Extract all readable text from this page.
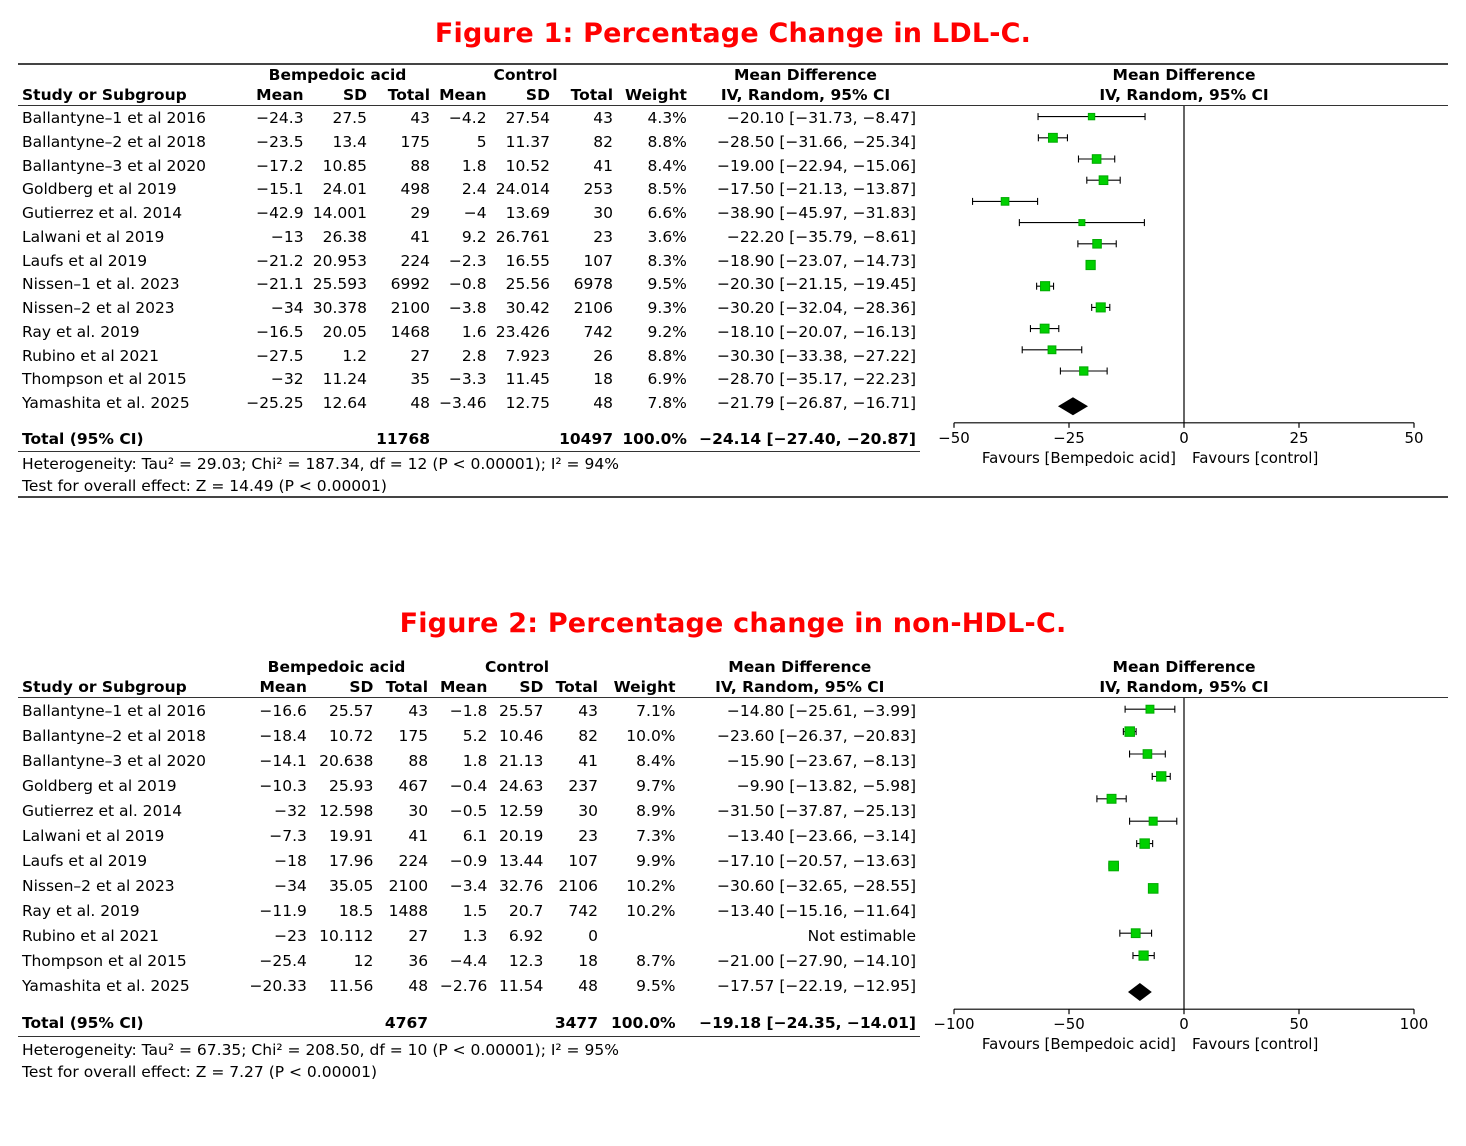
Figure 1: Percentage Change in LDL-C.
	Bempedoic acid			Control				Mean Difference	Mean Difference
Study or Subgroup	Mean	SD	Total	Mean	SD	Total	Weight	IV, Random, 95% CI	IV, Random, 95% CI
Ballantyne–1 et al 2016	−24.3	27.5	43	−4.2	27.54	43	4.3%	−20.10 [−31.73, −8.47]	
−50	−25	0	25	50
Favours [Bempedoic acid] Favours [control]

Ballantyne–2 et al 2018	−23.5	13.4	175	5	11.37	82	8.8%	−28.50 [−31.66, −25.34]	
Ballantyne–3 et al 2020	−17.2	10.85	88	1.8	10.52	41	8.4%	−19.00 [−22.94, −15.06]	
Goldberg et al 2019	−15.1	24.01	498	2.4	24.014	253	8.5%	−17.50 [−21.13, −13.87]	
Gutierrez et al. 2014	−42.9	14.001	29	−4	13.69	30	6.6%	−38.90 [−45.97, −31.83]	
Lalwani et al 2019	−13	26.38	41	9.2	26.761	23	3.6%	−22.20 [−35.79, −8.61]	
Laufs et al 2019	−21.2	20.953	224	−2.3	16.55	107	8.3%	−18.90 [−23.07, −14.73]	
Nissen–1 et al. 2023	−21.1	25.593	6992	−0.8	25.56	6978	9.5%	−20.30 [−21.15, −19.45]	
Nissen–2 et al 2023	−34	30.378	2100	−3.8	30.42	2106	9.3%	−30.20 [−32.04, −28.36]	
Ray et al. 2019	−16.5	20.05	1468	1.6	23.426	742	9.2%	−18.10 [−20.07, −16.13]	
Rubino et al 2021	−27.5	1.2	27	2.8	7.923	26	8.8%	−30.30 [−33.38, −27.22]	
Thompson et al 2015	−32	11.24	35	−3.3	11.45	18	6.9%	−28.70 [−35.17, −22.23]	
Yamashita et al. 2025	−25.25	12.64	48	−3.46	12.75	48	7.8%	−21.79 [−26.87, −16.71]	

Total (95% CI)			11768			10497	100.0%	−24.14 [−27.40, −20.87]	
Heterogeneity: Tau² = 29.03; Chi² = 187.34, df = 12 (P < 0.00001); I² = 94%									
Test for overall effect: Z = 14.49 (P < 0.00001)									
Figure 2: Percentage change in non-HDL-C.
	Bempedoic acid			Control				Mean Difference	Mean Difference
Study or Subgroup	Mean	SD	Total	Mean	SD	Total	Weight	IV, Random, 95% CI	IV, Random, 95% CI
Ballantyne–1 et al 2016	−16.6	25.57	43	−1.8	25.57	43	7.1%	−14.80 [−25.61, −3.99]	
−100	−50	0	50	100
Favours [Bempedoic acid] Favours [control]

Ballantyne–2 et al 2018	−18.4	10.72	175	5.2	10.46	82	10.0%	−23.60 [−26.37, −20.83]	
Ballantyne–3 et al 2020	−14.1	20.638	88	1.8	21.13	41	8.4%	−15.90 [−23.67, −8.13]	
Goldberg et al 2019	−10.3	25.93	467	−0.4	24.63	237	9.7%	−9.90 [−13.82, −5.98]	
Gutierrez et al. 2014	−32	12.598	30	−0.5	12.59	30	8.9%	−31.50 [−37.87, −25.13]	
Lalwani et al 2019	−7.3	19.91	41	6.1	20.19	23	7.3%	−13.40 [−23.66, −3.14]	
Laufs et al 2019	−18	17.96	224	−0.9	13.44	107	9.9%	−17.10 [−20.57, −13.63]	
Nissen–2 et al 2023	−34	35.05	2100	−3.4	32.76	2106	10.2%	−30.60 [−32.65, −28.55]	
Ray et al. 2019	−11.9	18.5	1488	1.5	20.7	742	10.2%	−13.40 [−15.16, −11.64]	
Rubino et al 2021	−23	10.112	27	1.3	6.92	0		Not estimable	
Thompson et al 2015	−25.4	12	36	−4.4	12.3	18	8.7%	−21.00 [−27.90, −14.10]	
Yamashita et al. 2025	−20.33	11.56	48	−2.76	11.54	48	9.5%	−17.57 [−22.19, −12.95]	

Total (95% CI)			4767			3477	100.0%	−19.18 [−24.35, −14.01]	
Heterogeneity: Tau² = 67.35; Chi² = 208.50, df = 10 (P < 0.00001); I² = 95%									
Test for overall effect: Z = 7.27 (P < 0.00001)									
